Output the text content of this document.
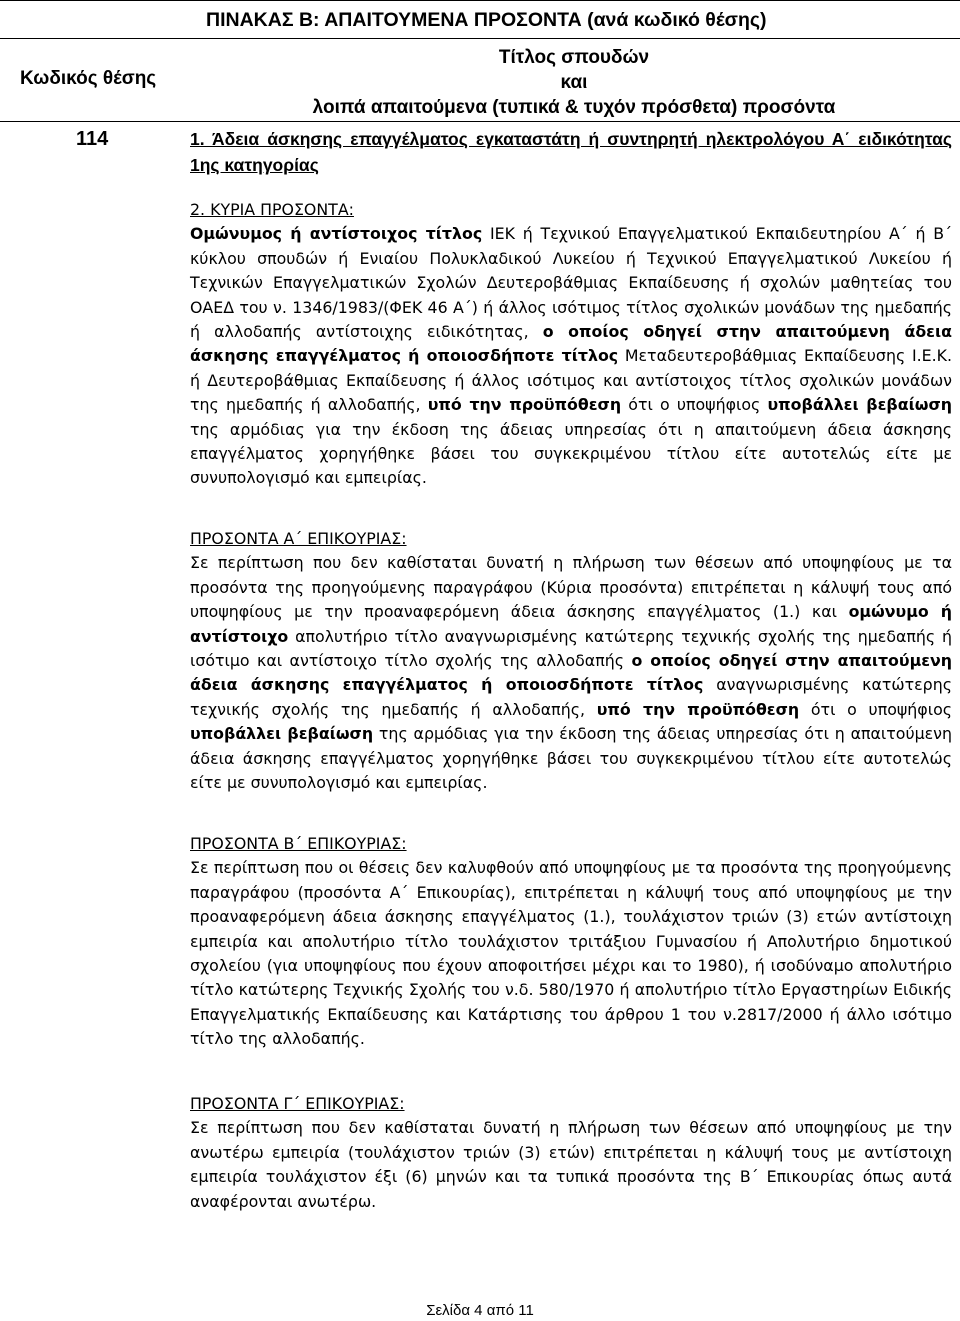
ΠΙΝΑΚΑΣ Β: ΑΠΑΙΤΟΥΜΕΝΑ ΠΡΟΣΟΝΤΑ (ανά κωδικό θέσης)
Κωδικός θέσης
Τίτλος σπουδών
και
λοιπά απαιτούμενα (τυπικά & τυχόν πρόσθετα) προσόντα
114	1. Άδεια άσκησης επαγγέλματος εγκαταστάτη ή συντηρητή ηλεκτρολόγου Α΄ ειδικότητας 1ης κατηγορίας
2. ΚΥΡΙΑ ΠΡΟΣΟΝΤΑ:

Ομώνυμος ή αντίστοιχος τίτλος ΙΕΚ ή Τεχνικού Επαγγελματικού Εκπαιδευτηρίου Α΄ ή Β΄ κύκλου σπουδών ή Ενιαίου Πολυκλαδικού Λυκείου ή Τεχνικού Επαγγελματικού Λυκείου ή Τεχνικών Επαγγελματικών Σχολών Δευτεροβάθμιας Εκπαίδευσης ή σχολών μαθητείας του ΟΑΕΔ του ν. 1346/1983/(ΦΕΚ 46 Α΄) ή άλλος ισότιμος τίτλος σχολικών μονάδων της ημεδαπής ή αλλοδαπής αντίστοιχης ειδικότητας, ο οποίος οδηγεί στην απαιτούμενη άδεια άσκησης επαγγέλματος ή οποιοσδήποτε τίτλος Μεταδευτεροβάθμιας Εκπαίδευσης Ι.Ε.Κ. ή Δευτεροβάθμιας Εκπαίδευσης ή άλλος ισότιμος και αντίστοιχος τίτλος σχολικών μονάδων της ημεδαπής ή αλλοδαπής, υπό την προϋπόθεση ότι ο υποψήφιος υποβάλλει βεβαίωση της αρμόδιας για την έκδοση της άδειας υπηρεσίας ότι η απαιτούμενη άδεια άσκησης επαγγέλματος χορηγήθηκε βάσει του συγκεκριμένου τίτλου είτε αυτοτελώς είτε με συνυπολογισμό και εμπειρίας.

ΠΡΟΣΟΝΤΑ Α΄ ΕΠΙΚΟΥΡΙΑΣ:

Σε περίπτωση που δεν καθίσταται δυνατή η πλήρωση των θέσεων από υποψηφίους με τα προσόντα της προηγούμενης παραγράφου (Κύρια προσόντα) επιτρέπεται η κάλυψή τους από υποψηφίους με την προαναφερόμενη άδεια άσκησης επαγγέλματος (1.) και ομώνυμο ή αντίστοιχο απολυτήριο τίτλο αναγνωρισμένης κατώτερης τεχνικής σχολής της ημεδαπής ή ισότιμο και αντίστοιχο τίτλο σχολής της αλλοδαπής ο οποίος οδηγεί στην απαιτούμενη άδεια άσκησης επαγγέλματος ή οποιοσδήποτε τίτλος αναγνωρισμένης κατώτερης τεχνικής σχολής της ημεδαπής ή αλλοδαπής, υπό την προϋπόθεση ότι ο υποψήφιος υποβάλλει βεβαίωση της αρμόδιας για την έκδοση της άδειας υπηρεσίας ότι η απαιτούμενη άδεια άσκησης επαγγέλματος χορηγήθηκε βάσει του συγκεκριμένου τίτλου είτε αυτοτελώς είτε με συνυπολογισμό και εμπειρίας.

ΠΡΟΣΟΝΤΑ Β΄ ΕΠΙΚΟΥΡΙΑΣ:

Σε περίπτωση που οι θέσεις δεν καλυφθούν από υποψηφίους με τα προσόντα της προηγούμενης παραγράφου (προσόντα Α΄ Επικουρίας), επιτρέπεται η κάλυψή τους από υποψηφίους με την προαναφερόμενη άδεια άσκησης επαγγέλματος (1.), τουλάχιστον τριών (3) ετών αντίστοιχη εμπειρία και απολυτήριο τίτλο τουλάχιστον τριτάξιου Γυμνασίου ή Απολυτήριο δημοτικού σχολείου (για υποψηφίους που έχουν αποφοιτήσει μέχρι και το 1980), ή ισοδύναμο απολυτήριο τίτλο κατώτερης Τεχνικής Σχολής του ν.δ. 580/1970 ή απολυτήριο τίτλο Εργαστηρίων Ειδικής Επαγγελματικής Εκπαίδευσης και Κατάρτισης του άρθρου 1 του ν.2817/2000 ή άλλο ισότιμο τίτλο της αλλοδαπής.

ΠΡΟΣΟΝΤΑ Γ΄ ΕΠΙΚΟΥΡΙΑΣ:

Σε περίπτωση που δεν καθίσταται δυνατή η πλήρωση των θέσεων από υποψηφίους με την ανωτέρω εμπειρία (τουλάχιστον τριών (3) ετών) επιτρέπεται η κάλυψή τους με αντίστοιχη εμπειρία τουλάχιστον έξι (6) μηνών και τα τυπικά προσόντα της Β΄ Επικουρίας όπως αυτά αναφέρονται ανωτέρω.

Σελίδα 4 από 11
